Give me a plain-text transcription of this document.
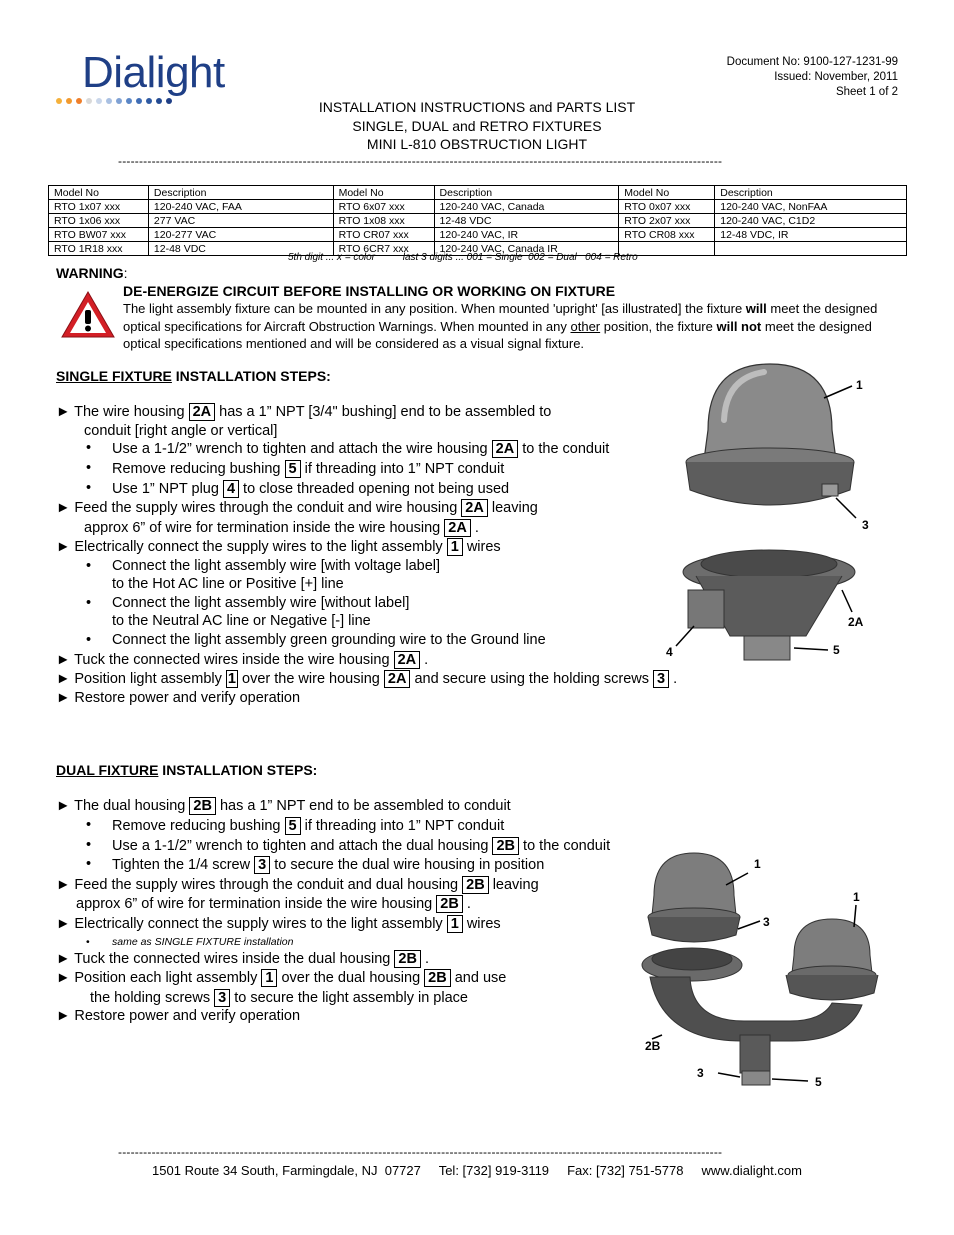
Dialight	Document No: 9100-127-1231-99
Issued: November, 2011
Sheet 1 of 2
INSTALLATION INSTRUCTIONS and PARTS LIST
SINGLE, DUAL and RETRO FIXTURES
MINI L-810 OBSTRUCTION LIGHT
------------------------------------------------------------------------------------------------------------------------------------------------
Model No	Description	Model No	Description	Model No	Description
RTO 1x07 xxx	120-240 VAC, FAA	RTO 6x07 xxx	120-240 VAC, Canada	RTO 0x07 xxx	120-240 VAC, NonFAA
RTO 1x06 xxx	277 VAC	RTO 1x08 xxx	12-48 VDC	RTO 2x07 xxx	120-240 VAC, C1D2
RTO BW07 xxx	120-277 VAC	RTO CR07 xxx	120-240 VAC, IR	RTO CR08 xxx	12-48 VDC, IR
RTO 1R18 xxx	12-48 VDC	RTO 6CR7 xxx	120-240 VAC, Canada IR		
5th digit ... x = color          last 3 digits ... 001 = Single  002 = Dual   004 = Retro
WARNING:
DE-ENERGIZE CIRCUIT BEFORE INSTALLING OR WORKING ON FIXTURE
The light assembly fixture can be mounted in any position. When mounted 'upright' [as illustrated] the fixture will meet the designed optical specifications for Aircraft Obstruction Warnings. When mounted in any other position, the fixture will not meet the designed optical specifications mentioned and will be considered as a visual signal fixture.
SINGLE FIXTURE INSTALLATION STEPS:
► The wire housing 2A has a 1” NPT [3/4" bushing] end to be assembled to
conduit [right angle or vertical]
• Use a 1-1/2” wrench to tighten and attach the wire housing 2A to the conduit
• Remove reducing bushing 5 if threading into 1” NPT conduit
• Use 1” NPT plug 4 to close threaded opening not being used
► Feed the supply wires through the conduit and wire housing 2A leaving
approx 6” of wire for termination inside the wire housing 2A .
► Electrically connect the supply wires to the light assembly 1 wires
• Connect the light assembly wire [with voltage label]
to the Hot AC line or Positive [+] line
• Connect the light assembly wire [without label]
to the Neutral AC line or Negative [-] line
• Connect the light assembly green grounding wire to the Ground line
► Tuck the connected wires inside the wire housing 2A .
► Position light assembly 1 over the wire housing 2A and secure using the holding screws 3 .
► Restore power and verify operation
1
3
2A
4	5
DUAL FIXTURE INSTALLATION STEPS:
► The dual housing 2B has a 1” NPT end to be assembled to conduit
• Remove reducing bushing 5 if threading into 1” NPT conduit
• Use a 1-1/2” wrench to tighten and attach the dual housing 2B to the conduit
• Tighten the 1/4 screw 3 to secure the dual wire housing in position
► Feed the supply wires through the conduit and dual housing 2B leaving
approx 6” of wire for termination inside the wire housing 2B .
► Electrically connect the supply wires to the light assembly 1 wires
• same as SINGLE FIXTURE installation
► Tuck the connected wires inside the dual housing 2B .
► Position each light assembly 1 over the dual housing 2B and use
the holding screws 3 to secure the light assembly in place
► Restore power and verify operation
1
1
3
2B
3
5
------------------------------------------------------------------------------------------------------------------------------------------------
1501 Route 34 South, Farmingdale, NJ  07727     Tel: [732] 919-3119     Fax: [732] 751-5778     www.dialight.com
